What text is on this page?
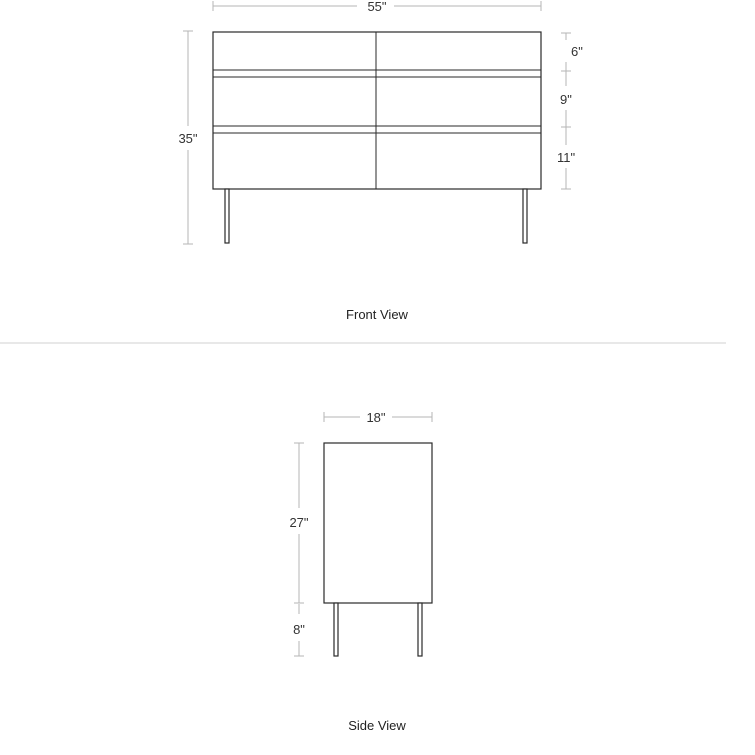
55"
35"
6"
9"
11"
Front View
18"
27"
8"
Side View
